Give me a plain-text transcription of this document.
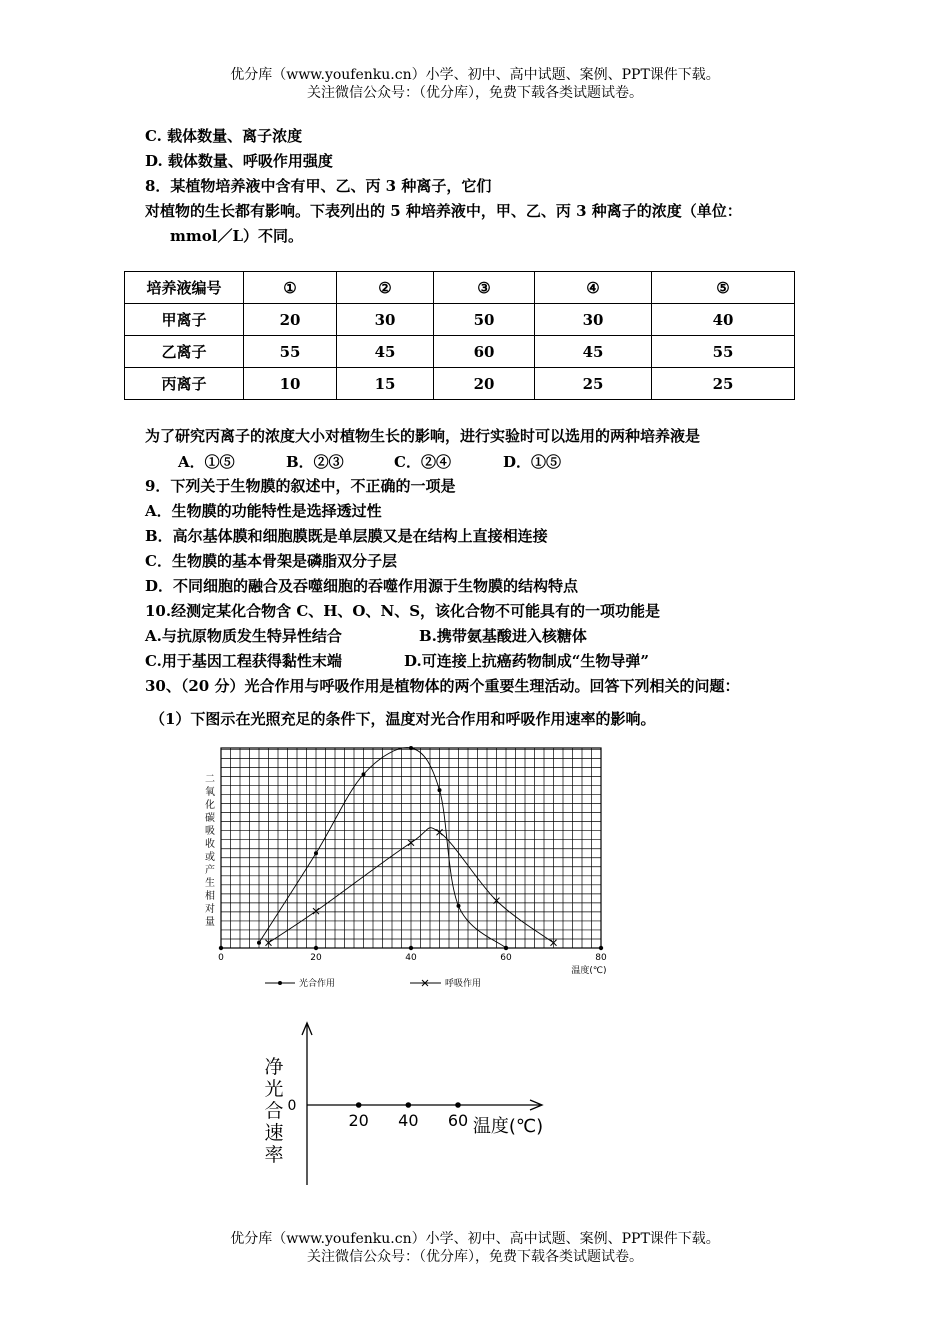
优分库（www.youfenku.cn）小学、初中、高中试题、案例、PPT课件下载。
关注微信公众号：（优分库），免费下载各类试题试卷。
C. 载体数量、离子浓度
D. 载体数量、呼吸作用强度
8．某植物培养液中含有甲、乙、丙 3 种离子，它们
对植物的生长都有影响。下表列出的 5 种培养液中，甲、乙、丙 3 种离子的浓度（单位：
mmol／L）不同。
培养液编号	①	②	③	④	⑤
甲离子	20	30	50	30	40
乙离子	55	45	60	45	55
丙离子	10	15	20	25	25
为了研究丙离子的浓度大小对植物生长的影响，进行实验时可以选用的两种培养液是
A．①⑤	B．②③	C．②④	D．①⑤
9．下列关于生物膜的叙述中，不正确的一项是
A．生物膜的功能特性是选择透过性
B．高尔基体膜和细胞膜既是单层膜又是在结构上直接相连接
C．生物膜的基本骨架是磷脂双分子层
D．不同细胞的融合及吞噬细胞的吞噬作用源于生物膜的结构特点
10.经测定某化合物含 C、H、O、N、S，该化合物不可能具有的一项功能是
A.与抗原物质发生特异性结合	B.携带氨基酸进入核糖体
C.用于基因工程获得黏性末端	D.可连接上抗癌药物制成“生物导弹”
30、（20 分）光合作用与呼吸作用是植物体的两个重要生理活动。回答下列相关的问题：
（1）下图示在光照充足的条件下，温度对光合作用和呼吸作用速率的影响。
二
氧
化
碳
吸
收
或
产
生
相
对
量
0	20	40	60	80
温度(℃)
光合作用	呼吸作用
0
净
光
合
速
率
20 40 60 温度(℃)
优分库（www.youfenku.cn）小学、初中、高中试题、案例、PPT课件下载。
关注微信公众号：（优分库），免费下载各类试题试卷。
